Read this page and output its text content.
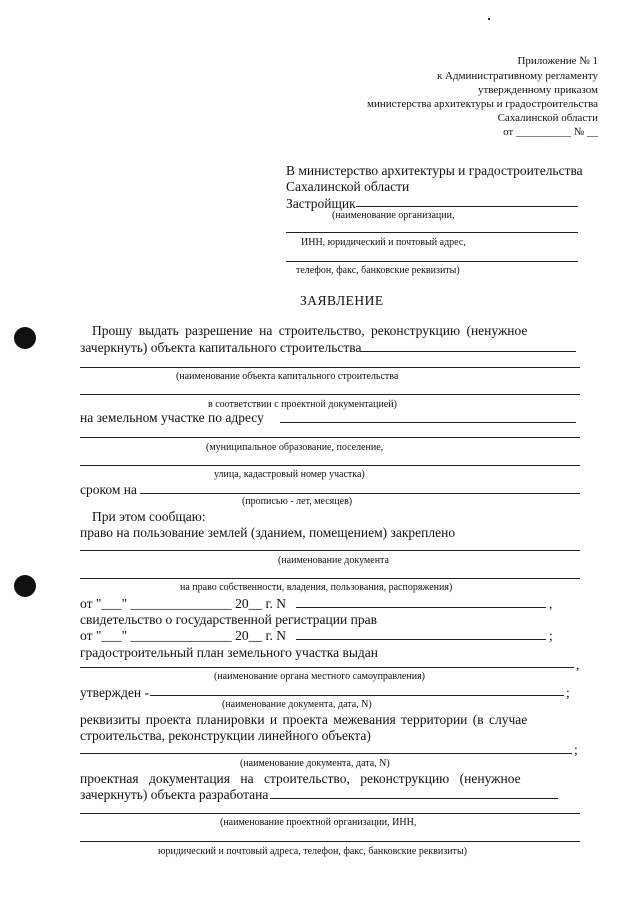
Приложение № 1
к Административному регламенту
утвержденному приказом
министерства архитектуры и градостроительства
Сахалинской области
от __________ № __
В министерство архитектуры и градостроительства
Сахалинской области
Застройщик
(наименование организации,
ИНН, юридический и почтовый адрес,
телефон, факс, банковские реквизиты)
ЗАЯВЛЕНИЕ
Прошу выдать разрешение на строительство, реконструкцию (ненужное
зачеркнуть) объекта капитального строительства
(наименование объекта капитального строительства
в соответствии с проектной документацией)
на земельном участке по адресу
(муниципальное образование, поселение,
улица, кадастровый номер участка)
сроком на
(прописью - лет, месяцев)
При этом сообщаю:
право на пользование землей (зданием, помещением) закреплено
(наименование документа
на право собственности, владения, пользования, распоряжения)
от "___" _______________ 20__ г. N	,
свидетельство о государственной регистрации прав
от "___" _______________ 20__ г. N	;
градостроительный план земельного участка выдан
,
(наименование органа местного самоуправления)
утвержден -	;
(наименование документа, дата, N)
реквизиты проекта планировки и проекта межевания территории (в случае
строительства, реконструкции линейного объекта)
;
(наименование документа, дата, N)
проектная документация на строительство, реконструкцию (ненужное
зачеркнуть) объекта разработана
(наименование проектной организации, ИНН,
юридический и почтовый адреса, телефон, факс, банковские реквизиты)
